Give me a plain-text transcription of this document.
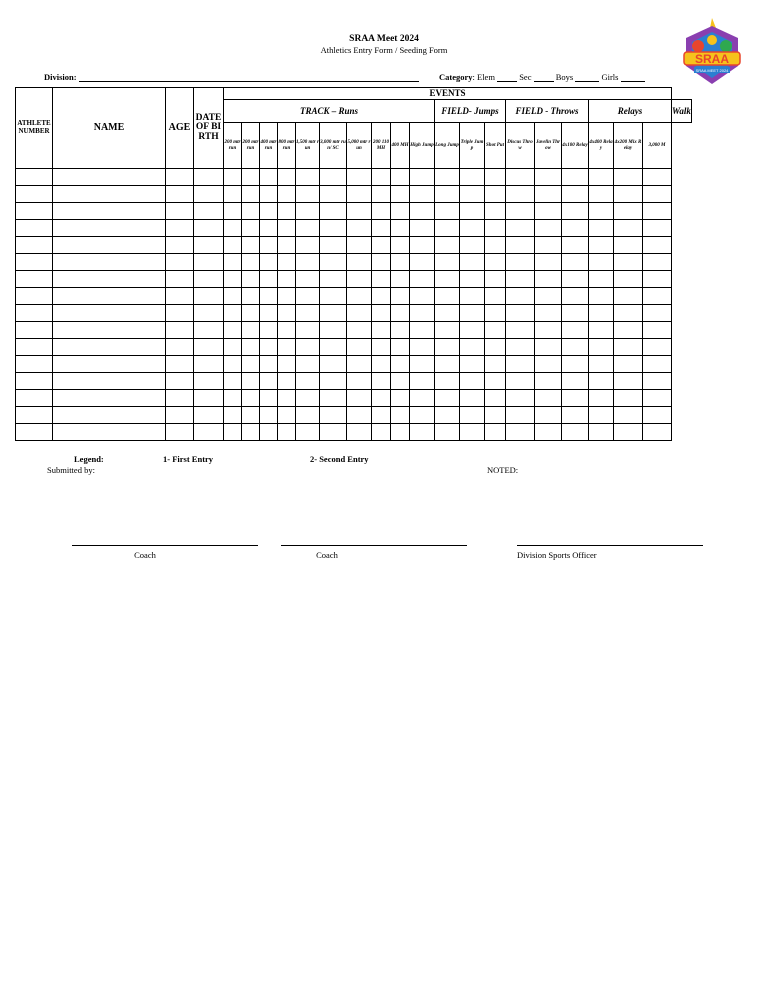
SRAA Meet 2024
Athletics Entry Form / Seeding Form
SRAA
SRAA MEET 2024
Division:	Category: Elem	Sec	Boys	Girls
ATHLETE NUMBER	NAME	AGE	DATE OF BIRTH	EVENTS																			
				TRACK – Runs										FIELD- Jumps			FIELD - Throws			Relays			Walk
				200 mtr run	200 mtr run	400 mtr run	800 mtr run	1,500 mtr run	3,000 mtr run/ SC	5,000 mtr run	200 110 MH	400 MH	High Jump	Long Jump	Triple Jump	Shot Put	Discus Throw	Javelin Throw	4x100 Relay	4x400 Relay	4x200 Mix Relay	3,000 M	

Legend:	1- First Entry	2- Second Entry
Submitted by:	NOTED:
Coach	Coach	Division Sports Officer
